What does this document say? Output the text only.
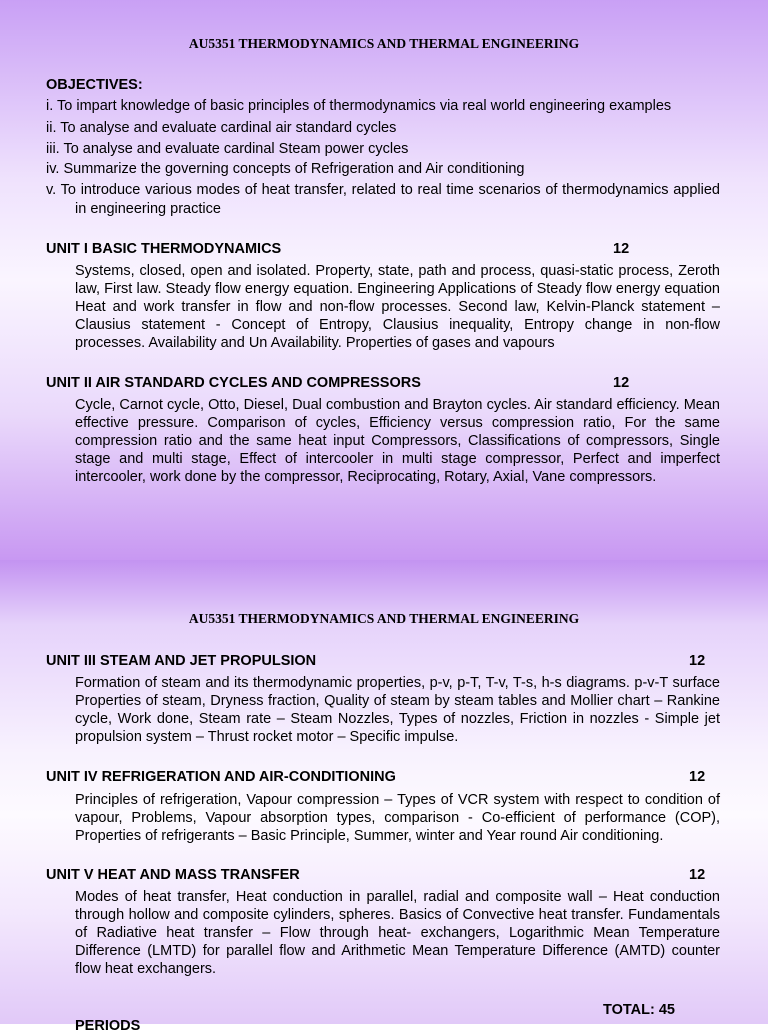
AU5351 THERMODYNAMICS AND THERMAL ENGINEERING
OBJECTIVES:
i. To impart knowledge of basic principles of thermodynamics via real world engineering examples
ii. To analyse and evaluate cardinal air standard cycles
iii. To analyse and evaluate cardinal Steam power cycles
iv. Summarize the governing concepts of Refrigeration and Air conditioning
v. To introduce various modes of heat transfer, related to real time scenarios of thermodynamics applied in engineering practice
UNIT I BASIC THERMODYNAMICS	12
Systems, closed, open and isolated. Property, state, path and process, quasi-static process, Zeroth law, First law. Steady flow energy equation. Engineering Applications of Steady flow energy equation Heat and work transfer in flow and non-flow processes. Second law, Kelvin-Planck statement – Clausius statement - Concept of Entropy, Clausius inequality, Entropy change in non-flow processes. Availability and Un Availability. Properties of gases and vapours
UNIT II AIR STANDARD CYCLES AND COMPRESSORS	12
Cycle, Carnot cycle, Otto, Diesel, Dual combustion and Brayton cycles. Air standard efficiency. Mean effective pressure. Comparison of cycles, Efficiency versus compression ratio, For the same compression ratio and the same heat input Compressors, Classifications of compressors, Single stage and multi stage, Effect of intercooler in multi stage compressor, Perfect and imperfect intercooler, work done by the compressor, Reciprocating, Rotary, Axial, Vane compressors.
AU5351 THERMODYNAMICS AND THERMAL ENGINEERING
UNIT III STEAM AND JET PROPULSION	12
Formation of steam and its thermodynamic properties, p-v, p-T, T-v, T-s, h-s diagrams. p-v-T surface Properties of steam, Dryness fraction, Quality of steam by steam tables and Mollier chart – Rankine cycle, Work done, Steam rate – Steam Nozzles, Types of nozzles, Friction in nozzles - Simple jet propulsion system – Thrust rocket motor – Specific impulse.
UNIT IV REFRIGERATION AND AIR-CONDITIONING	12
Principles of refrigeration, Vapour compression – Types of VCR system with respect to condition of vapour, Problems, Vapour absorption types, comparison - Co-efficient of performance (COP), Properties of refrigerants – Basic Principle, Summer, winter and Year round Air conditioning.
UNIT V HEAT AND MASS TRANSFER	12
Modes of heat transfer, Heat conduction in parallel, radial and composite wall – Heat conduction through hollow and composite cylinders, spheres. Basics of Convective heat transfer. Fundamentals of Radiative heat transfer – Flow through heat- exchangers, Logarithmic Mean Temperature Difference (LMTD) for parallel flow and Arithmetic Mean Temperature Difference (AMTD) counter flow heat exchangers.
TOTAL: 45
PERIODS
